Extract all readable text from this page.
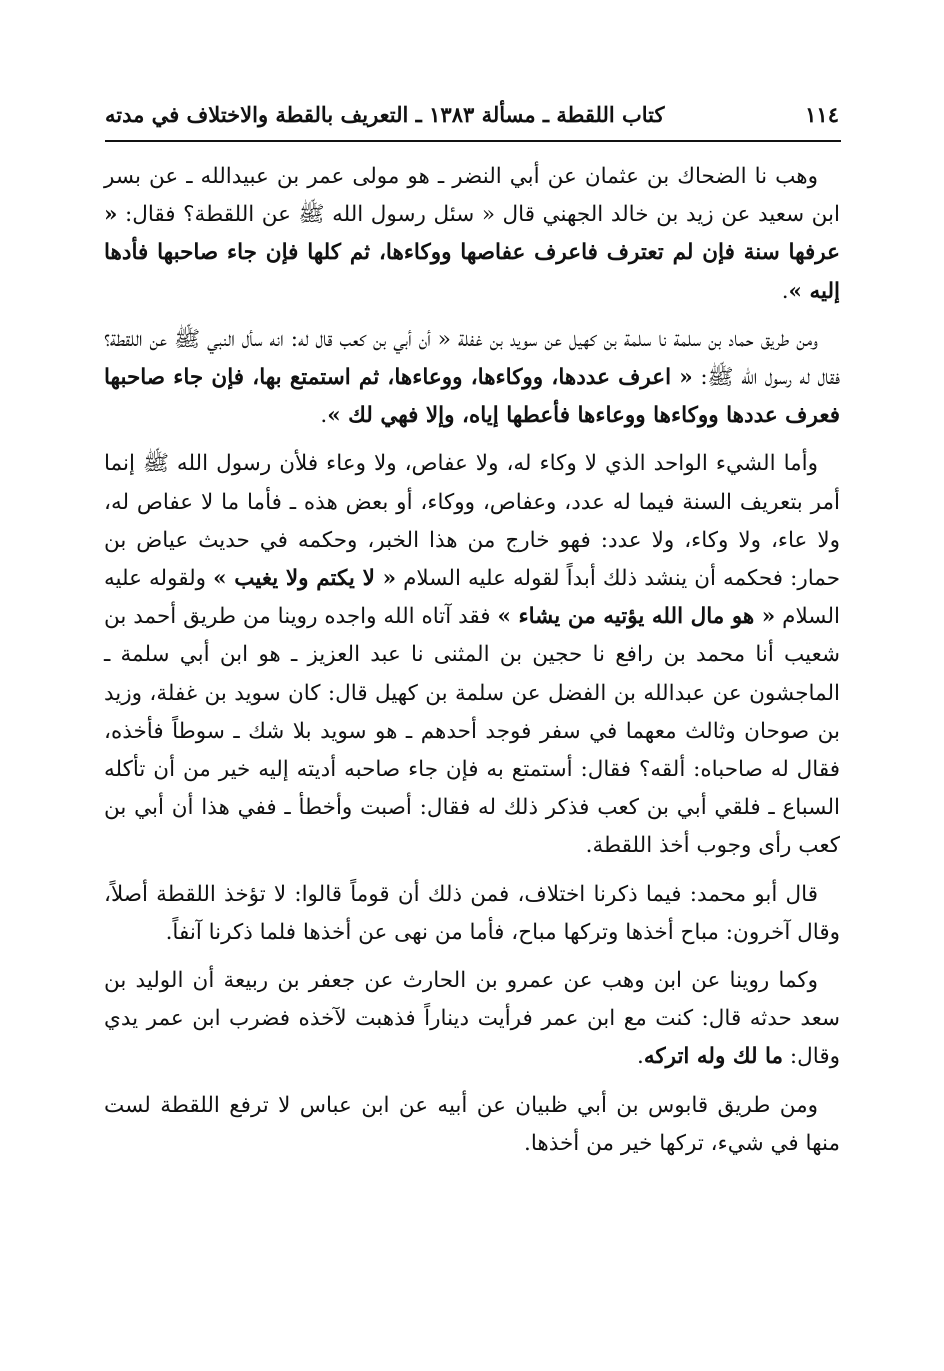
١١٤
كتاب اللقطة ـ مسألة ١٣٨٣ ـ التعريف بالقطة والاختلاف في مدته

وهب نا الضحاك بن عثمان عن أبي النضر ـ هو مولى عمر بن عبيدالله ـ عن بسر ابن سعيد عن زيد بن خالد الجهني قال « سئل رسول الله ﷺ عن اللقطة؟ فقال: « عرفها سنة فإن لم تعترف فاعرف عفاصها ووكاءها، ثم كلها فإن جاء صاحبها فأدها إليه ».

ومن طريق حماد بن سلمة نا سلمة بن كهيل عن سويد بن غفلة « أن أبي بن كعب قال له: انه سأل النبي ﷺ عن اللقطة؟ فقال له رسول الله ﷺ: « اعرف عددها، ووكاءها، ووعاءها، ثم استمتع بها، فإن جاء صاحبها فعرف عددها ووكاءها ووعاءها فأعطها إياه، وإلا فهي لك ».

وأما الشيء الواحد الذي لا وكاء له، ولا عفاص، ولا وعاء فلأن رسول الله ﷺ إنما أمر بتعريف السنة فيما له عدد، وعفاص، ووكاء، أو بعض هذه ـ فأما ما لا عفاص له، ولا عاء، ولا وكاء، ولا عدد: فهو خارج من هذا الخبر، وحكمه في حديث عياض بن حمار: فحكمه أن ينشد ذلك أبداً لقوله عليه السلام « لا يكتم ولا يغيب » ولقوله عليه السلام « هو مال الله يؤتيه من يشاء » فقد آتاه الله واجده روينا من طريق أحمد بن شعيب أنا محمد بن رافع نا حجين بن المثنى نا عبد العزيز ـ هو ابن أبي سلمة ـ الماجشون عن عبدالله بن الفضل عن سلمة بن كهيل قال: كان سويد بن غفلة، وزيد بن صوحان وثالث معهما في سفر فوجد أحدهم ـ هو سويد بلا شك ـ سوطاً فأخذه، فقال له صاحباه: ألقه؟ فقال: أستمتع به فإن جاء صاحبه أديته إليه خير من أن تأكله السباع ـ فلقي أبي بن كعب فذكر ذلك له فقال: أصبت وأخطأ ـ ففي هذا أن أبي بن كعب رأى وجوب أخذ اللقطة.

قال أبو محمد: فيما ذكرنا اختلاف، فمن ذلك أن قوماً قالوا: لا تؤخذ اللقطة أصلاً، وقال آخرون: مباح أخذها وتركها مباح، فأما من نهى عن أخذها فلما ذكرنا آنفاً.

وكما روينا عن ابن وهب عن عمرو بن الحارث عن جعفر بن ربيعة أن الوليد بن سعد حدثه قال: كنت مع ابن عمر فرأيت ديناراً فذهبت لآخذه فضرب ابن عمر يدي وقال: ما لك وله اتركه.

ومن طريق قابوس بن أبي ظبيان عن أبيه عن ابن عباس لا ترفع اللقطة لست منها في شيء، تركها خير من أخذها.
